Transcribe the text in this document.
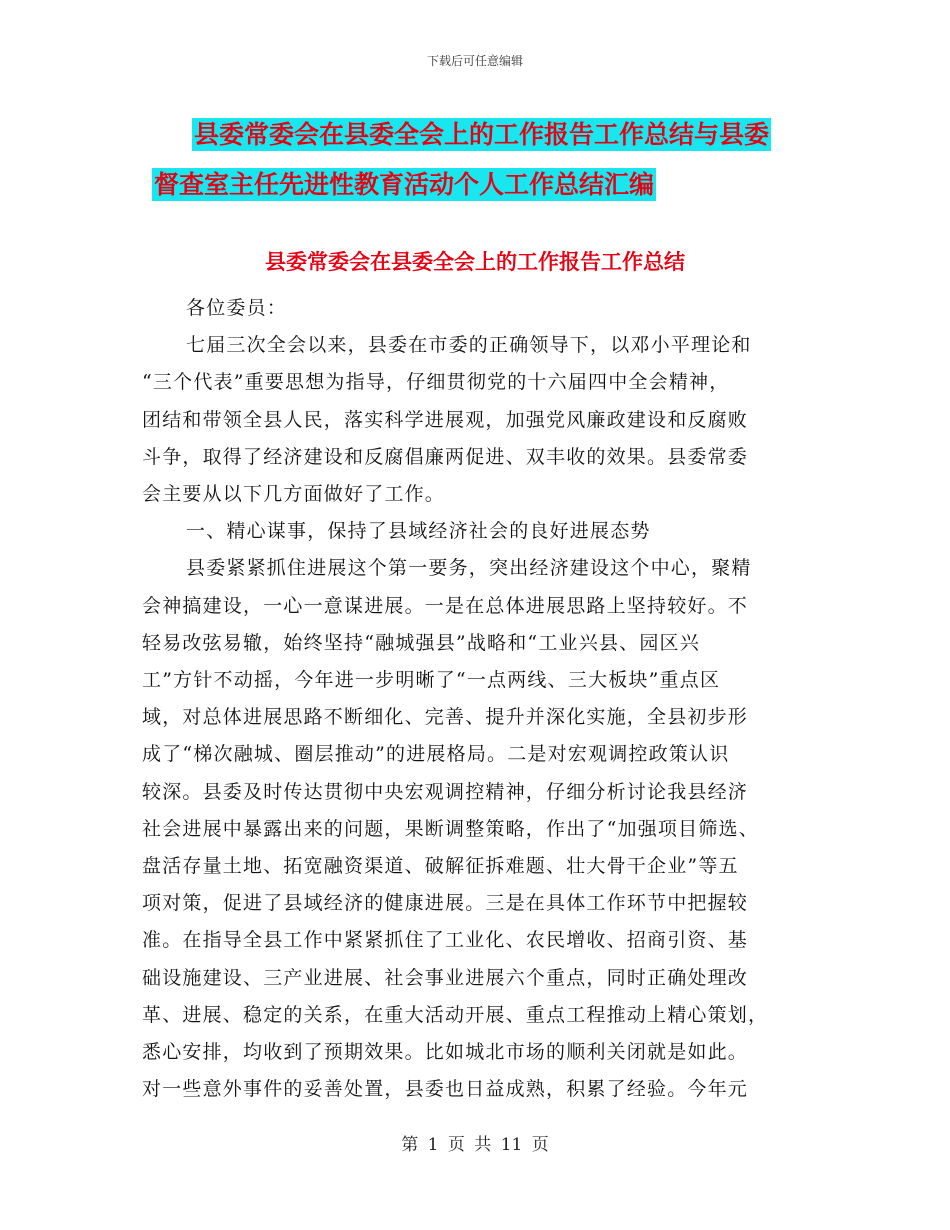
下载后可任意编辑
县委常委会在县委全会上的工作报告工作总结与县委
督查室主任先进性教育活动个人工作总结汇编
县委常委会在县委全会上的工作报告工作总结
各位委员：
七届三次全会以来，县委在市委的正确领导下，以邓小平理论和
“三个代表”重要思想为指导，仔细贯彻党的十六届四中全会精神，
团结和带领全县人民，落实科学进展观，加强党风廉政建设和反腐败
斗争，取得了经济建设和反腐倡廉两促进、双丰收的效果。县委常委
会主要从以下几方面做好了工作。
一、精心谋事，保持了县域经济社会的良好进展态势
县委紧紧抓住进展这个第一要务，突出经济建设这个中心，聚精
会神搞建设，一心一意谋进展。一是在总体进展思路上坚持较好。不
轻易改弦易辙，始终坚持“融城强县”战略和“工业兴县、园区兴
工”方针不动摇，今年进一步明晰了“一点两线、三大板块”重点区
域，对总体进展思路不断细化、完善、提升并深化实施，全县初步形
成了“梯次融城、圈层推动”的进展格局。二是对宏观调控政策认识
较深。县委及时传达贯彻中央宏观调控精神，仔细分析讨论我县经济
社会进展中暴露出来的问题，果断调整策略，作出了“加强项目筛选、
盘活存量土地、拓宽融资渠道、破解征拆难题、壮大骨干企业”等五
项对策，促进了县域经济的健康进展。三是在具体工作环节中把握较
准。在指导全县工作中紧紧抓住了工业化、农民增收、招商引资、基
础设施建设、三产业进展、社会事业进展六个重点，同时正确处理改
革、进展、稳定的关系，在重大活动开展、重点工程推动上精心策划，
悉心安排，均收到了预期效果。比如城北市场的顺利关闭就是如此。
对一些意外事件的妥善处置，县委也日益成熟，积累了经验。今年元
第 1 页 共 11 页
